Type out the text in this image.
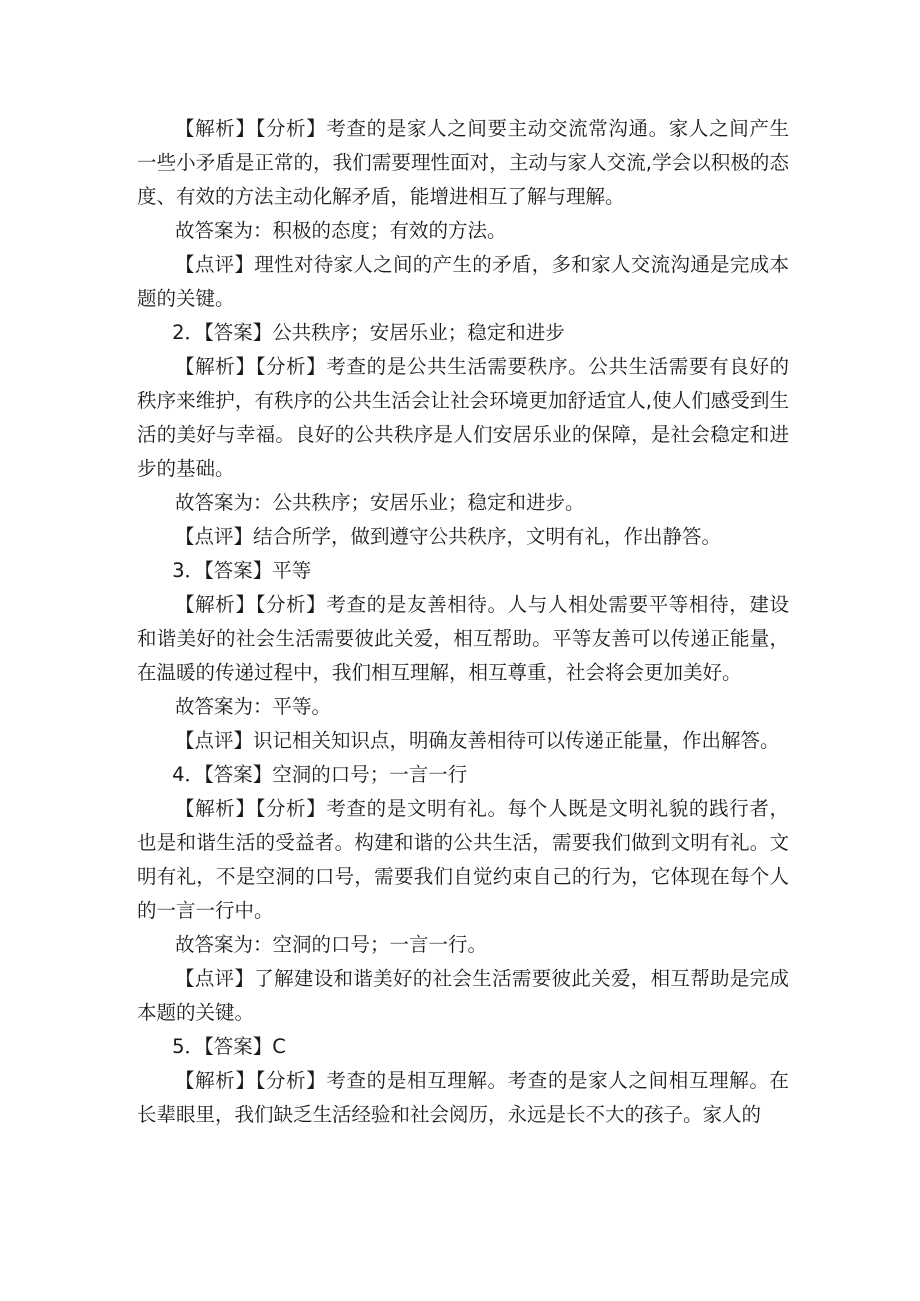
【解析】【分析】考查的是家人之间要主动交流常沟通。家人之间产生一些小矛盾是正常的，我们需要理性面对，主动与家人交流,学会以积极的态度、有效的方法主动化解矛盾，能增进相互了解与理解。

故答案为：积极的态度；有效的方法。

【点评】理性对待家人之间的产生的矛盾，多和家人交流沟通是完成本题的关键。

2．【答案】公共秩序；安居乐业；稳定和进步

【解析】【分析】考查的是公共生活需要秩序。公共生活需要有良好的秩序来维护，有秩序的公共生活会让社会环境更加舒适宜人,使人们感受到生活的美好与幸福。良好的公共秩序是人们安居乐业的保障，是社会稳定和进步的基础。

故答案为：公共秩序；安居乐业；稳定和进步。

【点评】结合所学，做到遵守公共秩序，文明有礼，作出静答。

3．【答案】平等

【解析】【分析】考查的是友善相待。人与人相处需要平等相待，建设和谐美好的社会生活需要彼此关爱，相互帮助。平等友善可以传递正能量，在温暖的传递过程中，我们相互理解，相互尊重，社会将会更加美好。

故答案为：平等。

【点评】识记相关知识点，明确友善相待可以传递正能量，作出解答。

4．【答案】空洞的口号；一言一行

【解析】【分析】考查的是文明有礼。每个人既是文明礼貌的践行者，也是和谐生活的受益者。构建和谐的公共生活，需要我们做到文明有礼。文明有礼，不是空洞的口号，需要我们自觉约束自己的行为，它体现在每个人的一言一行中。

故答案为：空洞的口号；一言一行。

【点评】了解建设和谐美好的社会生活需要彼此关爱，相互帮助是完成本题的关键。

5．【答案】C

【解析】【分析】考查的是相互理解。考查的是家人之间相互理解。在长辈眼里，我们缺乏生活经验和社会阅历，永远是长不大的孩子。家人的
